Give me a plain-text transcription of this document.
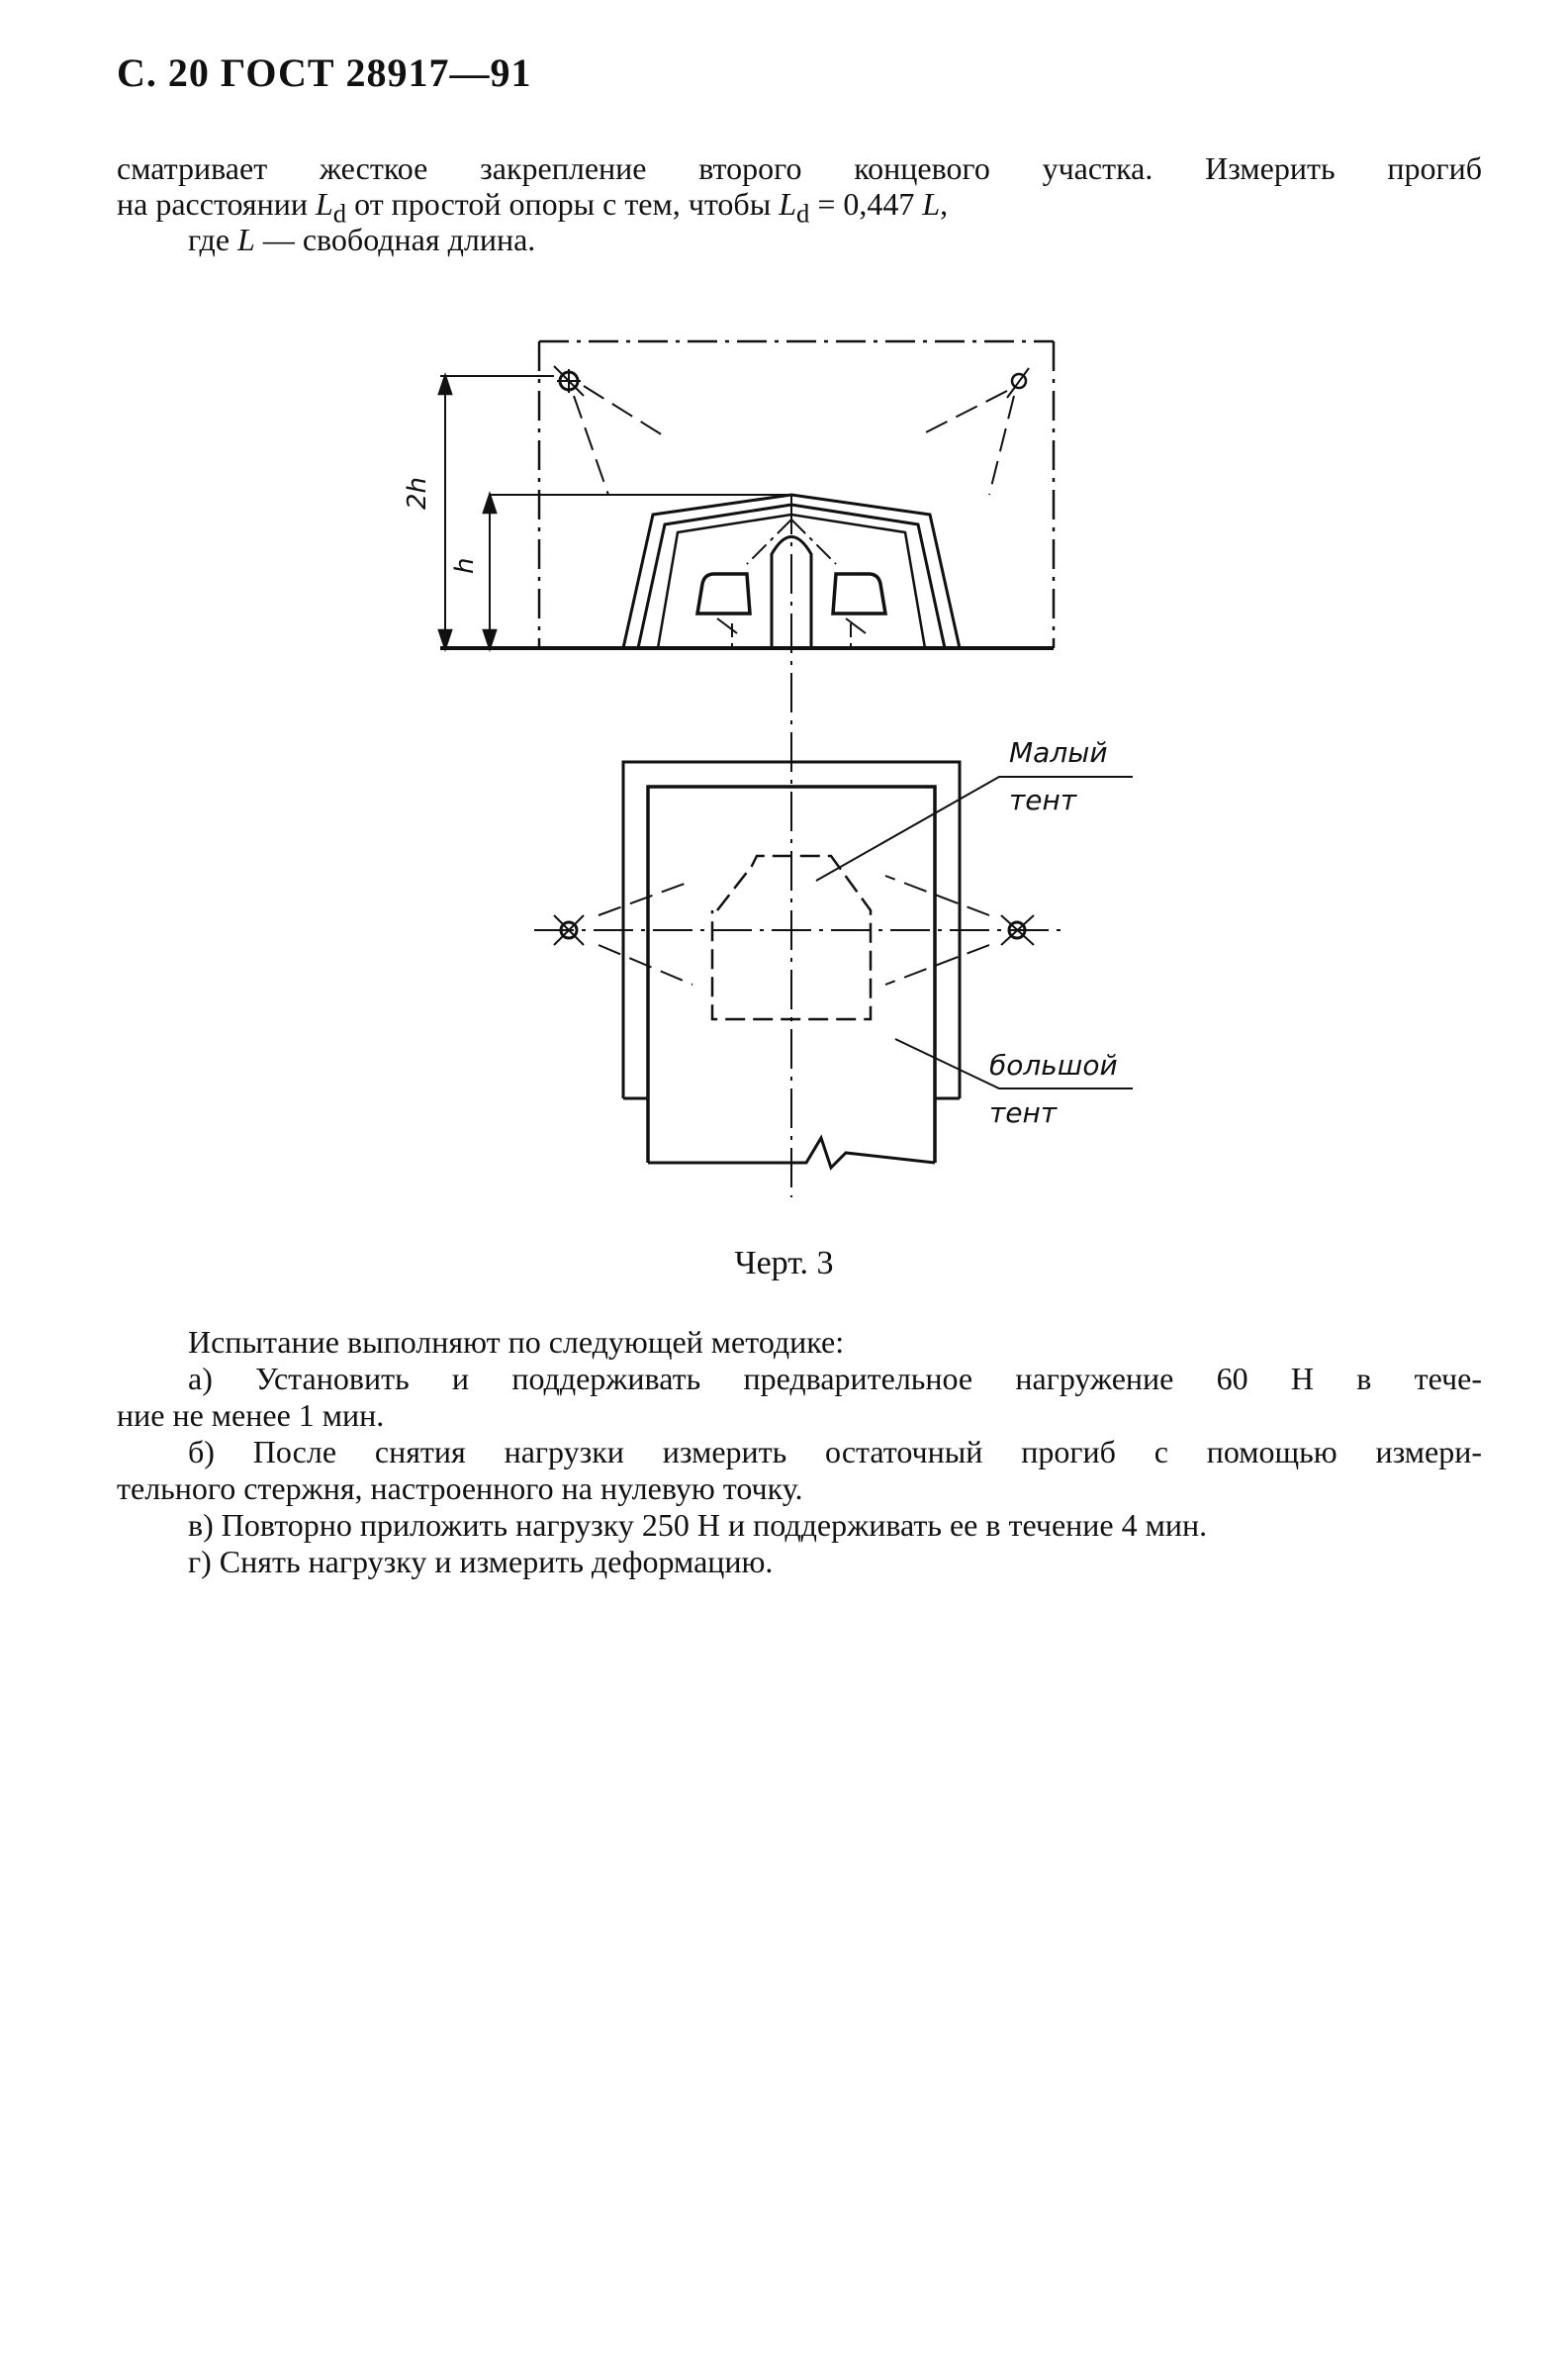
С. 20 ГОСТ 28917—91
сматривает жесткое закрепление второго концевого участка. Измерить прогиб
на расстоянии $L_d$ от простой опоры с тем, чтобы $L_d = 0,447$ L,
где L — свободная длина.
2h
h
Малый
тент
большой
тент
Черт. 3
Испытание выполняют по следующей методике:
а) Установить и поддерживать предварительное нагружение 60 Н в тече-
ние не менее 1 мин.
б) После снятия нагрузки измерить остаточный прогиб с помощью измери-
тельного стержня, настроенного на нулевую точку.
в) Повторно приложить нагрузку 250 Н и поддерживать ее в течение 4 мин.
г) Снять нагрузку и измерить деформацию.
